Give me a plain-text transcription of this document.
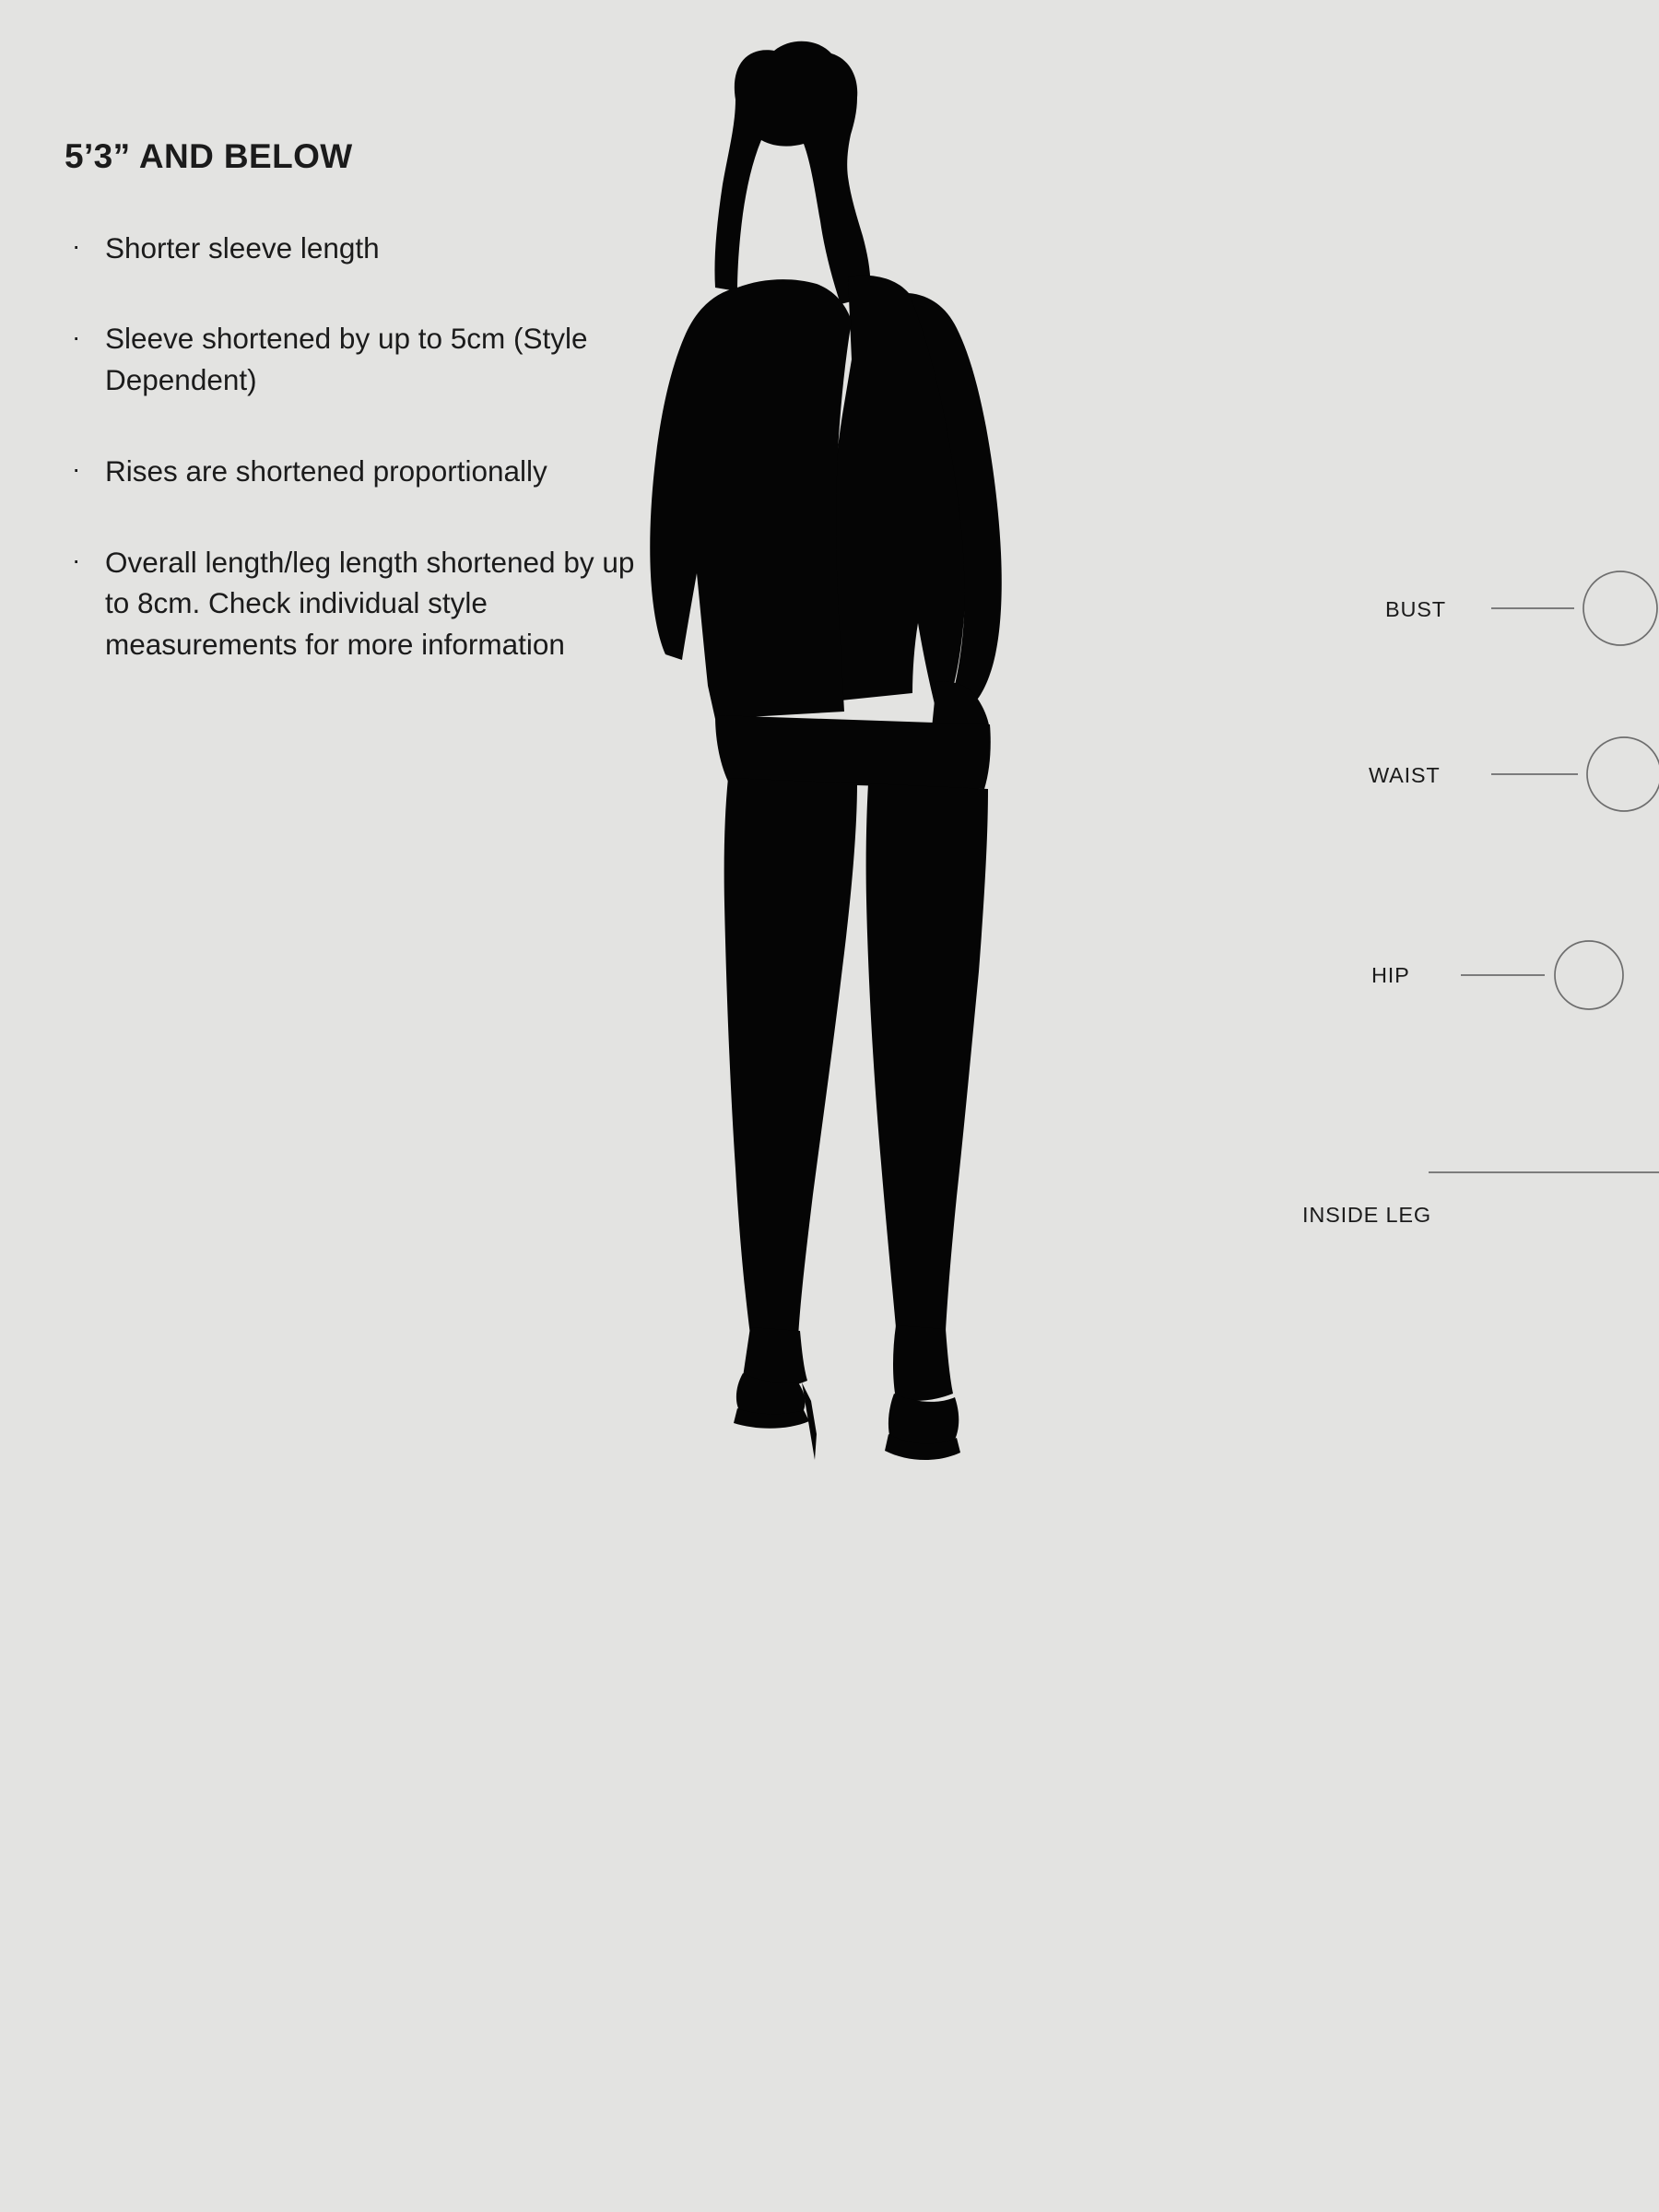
5’3” AND BELOW
· Shorter sleeve length
· Sleeve shortened by up to 5cm (Style Dependent)
· Rises are shortened proportionally
· Overall length/leg length shortened by up to 8cm. Check individual style measurements for more information
BUST
WAIST
HIP
INSIDE LEG
